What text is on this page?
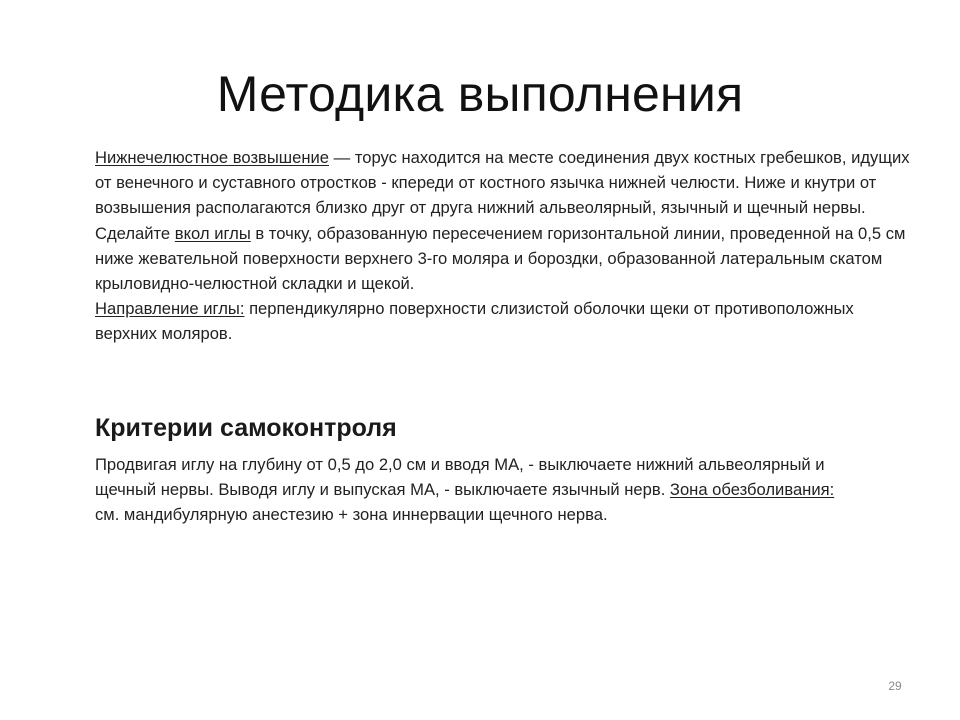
Методика выполнения

Нижнечелюстное возвышение — торус находится на месте соединения двух костных гребешков, идущих от венечного и суставного отростков - кпереди от костного язычка нижней челюсти. Ниже и кнутри от возвышения располагаются близко друг от друга нижний альвеолярный, язычный и щечный нервы.

Сделайте вкол иглы в точку, образованную пересечением горизонтальной линии, проведенной на 0,5 см ниже жевательной поверхности верхнего 3-го моляра и бороздки, образованной латеральным скатом крыловидно-челюстной складки и щекой.

Направление иглы: перпендикулярно поверхности слизистой оболочки щеки от противоположных верхних моляров.

Критерии самоконтроля

Продвигая иглу на глубину от 0,5 до 2,0 см и вводя МА, - выключаете нижний альвеолярный и щечный нервы. Выводя иглу и выпуская МА, - выключаете язычный нерв. Зона обезболивания: см. мандибулярную анестезию + зона иннервации щечного нерва.

29
